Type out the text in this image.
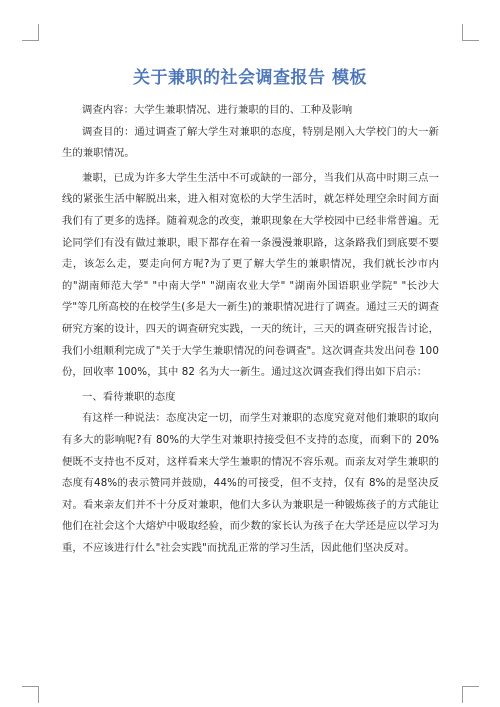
关于兼职的社会调查报告 模板

调查内容：大学生兼职情况、进行兼职的目的、工种及影响

调查目的：通过调查了解大学生对兼职的态度，特别是刚入大学校门的大一新生的兼职情况。

兼职，已成为许多大学生生活中不可或缺的一部分，当我们从高中时期三点一线的紧张生活中解脱出来，进入相对宽松的大学生活时，就怎样处理空余时间方面我们有了更多的选择。随着观念的改变，兼职现象在大学校园中已经非常普遍。无论同学们有没有做过兼职，眼下都存在着一条漫漫兼职路，这条路我们到底要不要走，该怎么走，要走向何方呢?为了更了解大学生的兼职情况，我们就长沙市内的"湖南师范大学" "中南大学" "湖南农业大学" "湖南外国语职业学院" "长沙大学"等几所高校的在校学生(多是大一新生)的兼职情况进行了调查。通过三天的调查研究方案的设计，四天的调查研究实践，一天的统计，三天的调查研究报告讨论，我们小组顺利完成了"关于大学生兼职情况的问卷调查"。这次调查共发出问卷 100 份，回收率 100%，其中 82 名为大一新生。通过这次调查我们得出如下启示：

一、看待兼职的态度

有这样一种说法：态度决定一切，而学生对兼职的态度究竟对他们兼职的取向有多大的影响呢?有 80%的大学生对兼职持接受但不支持的态度，而剩下的 20%便既不支持也不反对，这样看来大学生兼职的情况不容乐观。而亲友对学生兼职的态度有48%的表示赞同并鼓励，44%的可接受，但不支持，仅有 8%的是坚决反对。看来亲友们并不十分反对兼职，他们大多认为兼职是一种锻炼孩子的方式能让他们在社会这个大熔炉中吸取经验，而少数的家长认为孩子在大学还是应以学习为重，不应该进行什么"社会实践"而扰乱正常的学习生活，因此他们坚决反对。
